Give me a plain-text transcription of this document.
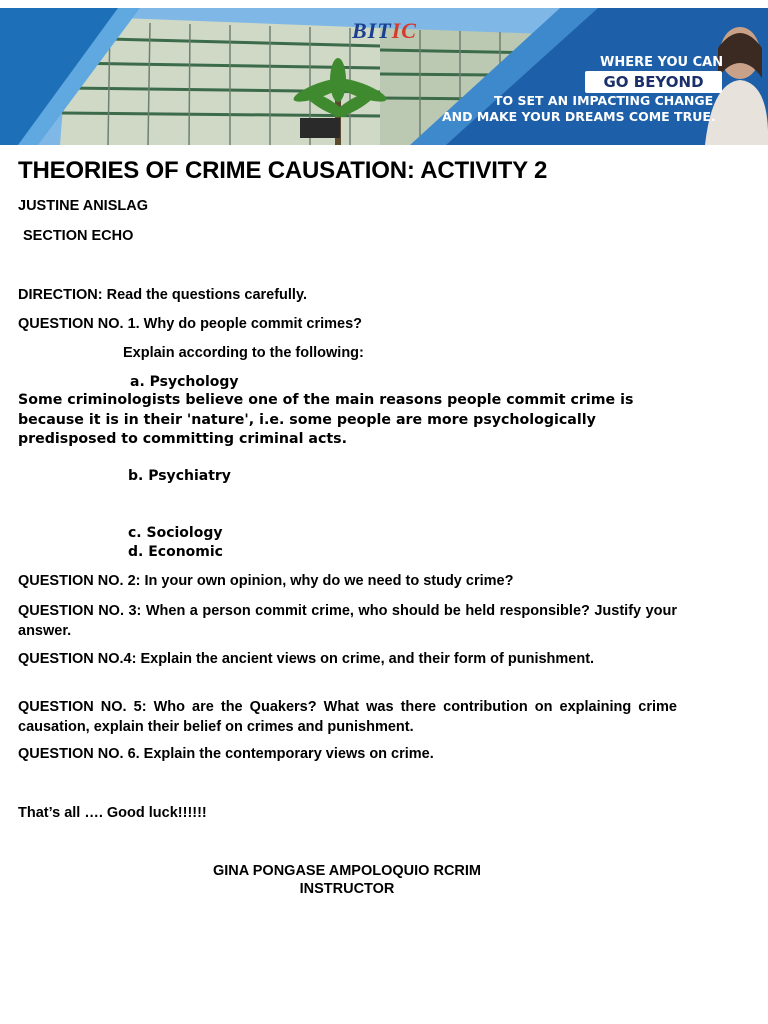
BITIC
WHERE YOU CAN
GO BEYOND
TO SET AN IMPACTING CHANGE
AND MAKE YOUR DREAMS COME TRUE.
THEORIES OF CRIME CAUSATION: ACTIVITY 2
JUSTINE ANISLAG
SECTION ECHO
DIRECTION: Read the questions carefully.
QUESTION NO. 1. Why do people commit crimes?
Explain according to the following:
a. Psychology
Some criminologists believe one of the main reasons people commit crime is because it is in their 'nature', i.e. some people are more psychologically predisposed to committing criminal acts.
b. Psychiatry
c. Sociology
d. Economic
QUESTION NO. 2: In your own opinion, why do we need to study crime?
QUESTION NO. 3: When a person commit crime, who should be held responsible? Justify your answer.
QUESTION NO.4: Explain the ancient views on crime, and their form of punishment.
QUESTION NO. 5: Who are the Quakers? What was there contribution on explaining crime causation, explain their belief on crimes and punishment.
QUESTION NO. 6. Explain the contemporary views on crime.
That’s all …. Good luck!!!!!!
GINA PONGASE AMPOLOQUIO RCRIM
INSTRUCTOR
